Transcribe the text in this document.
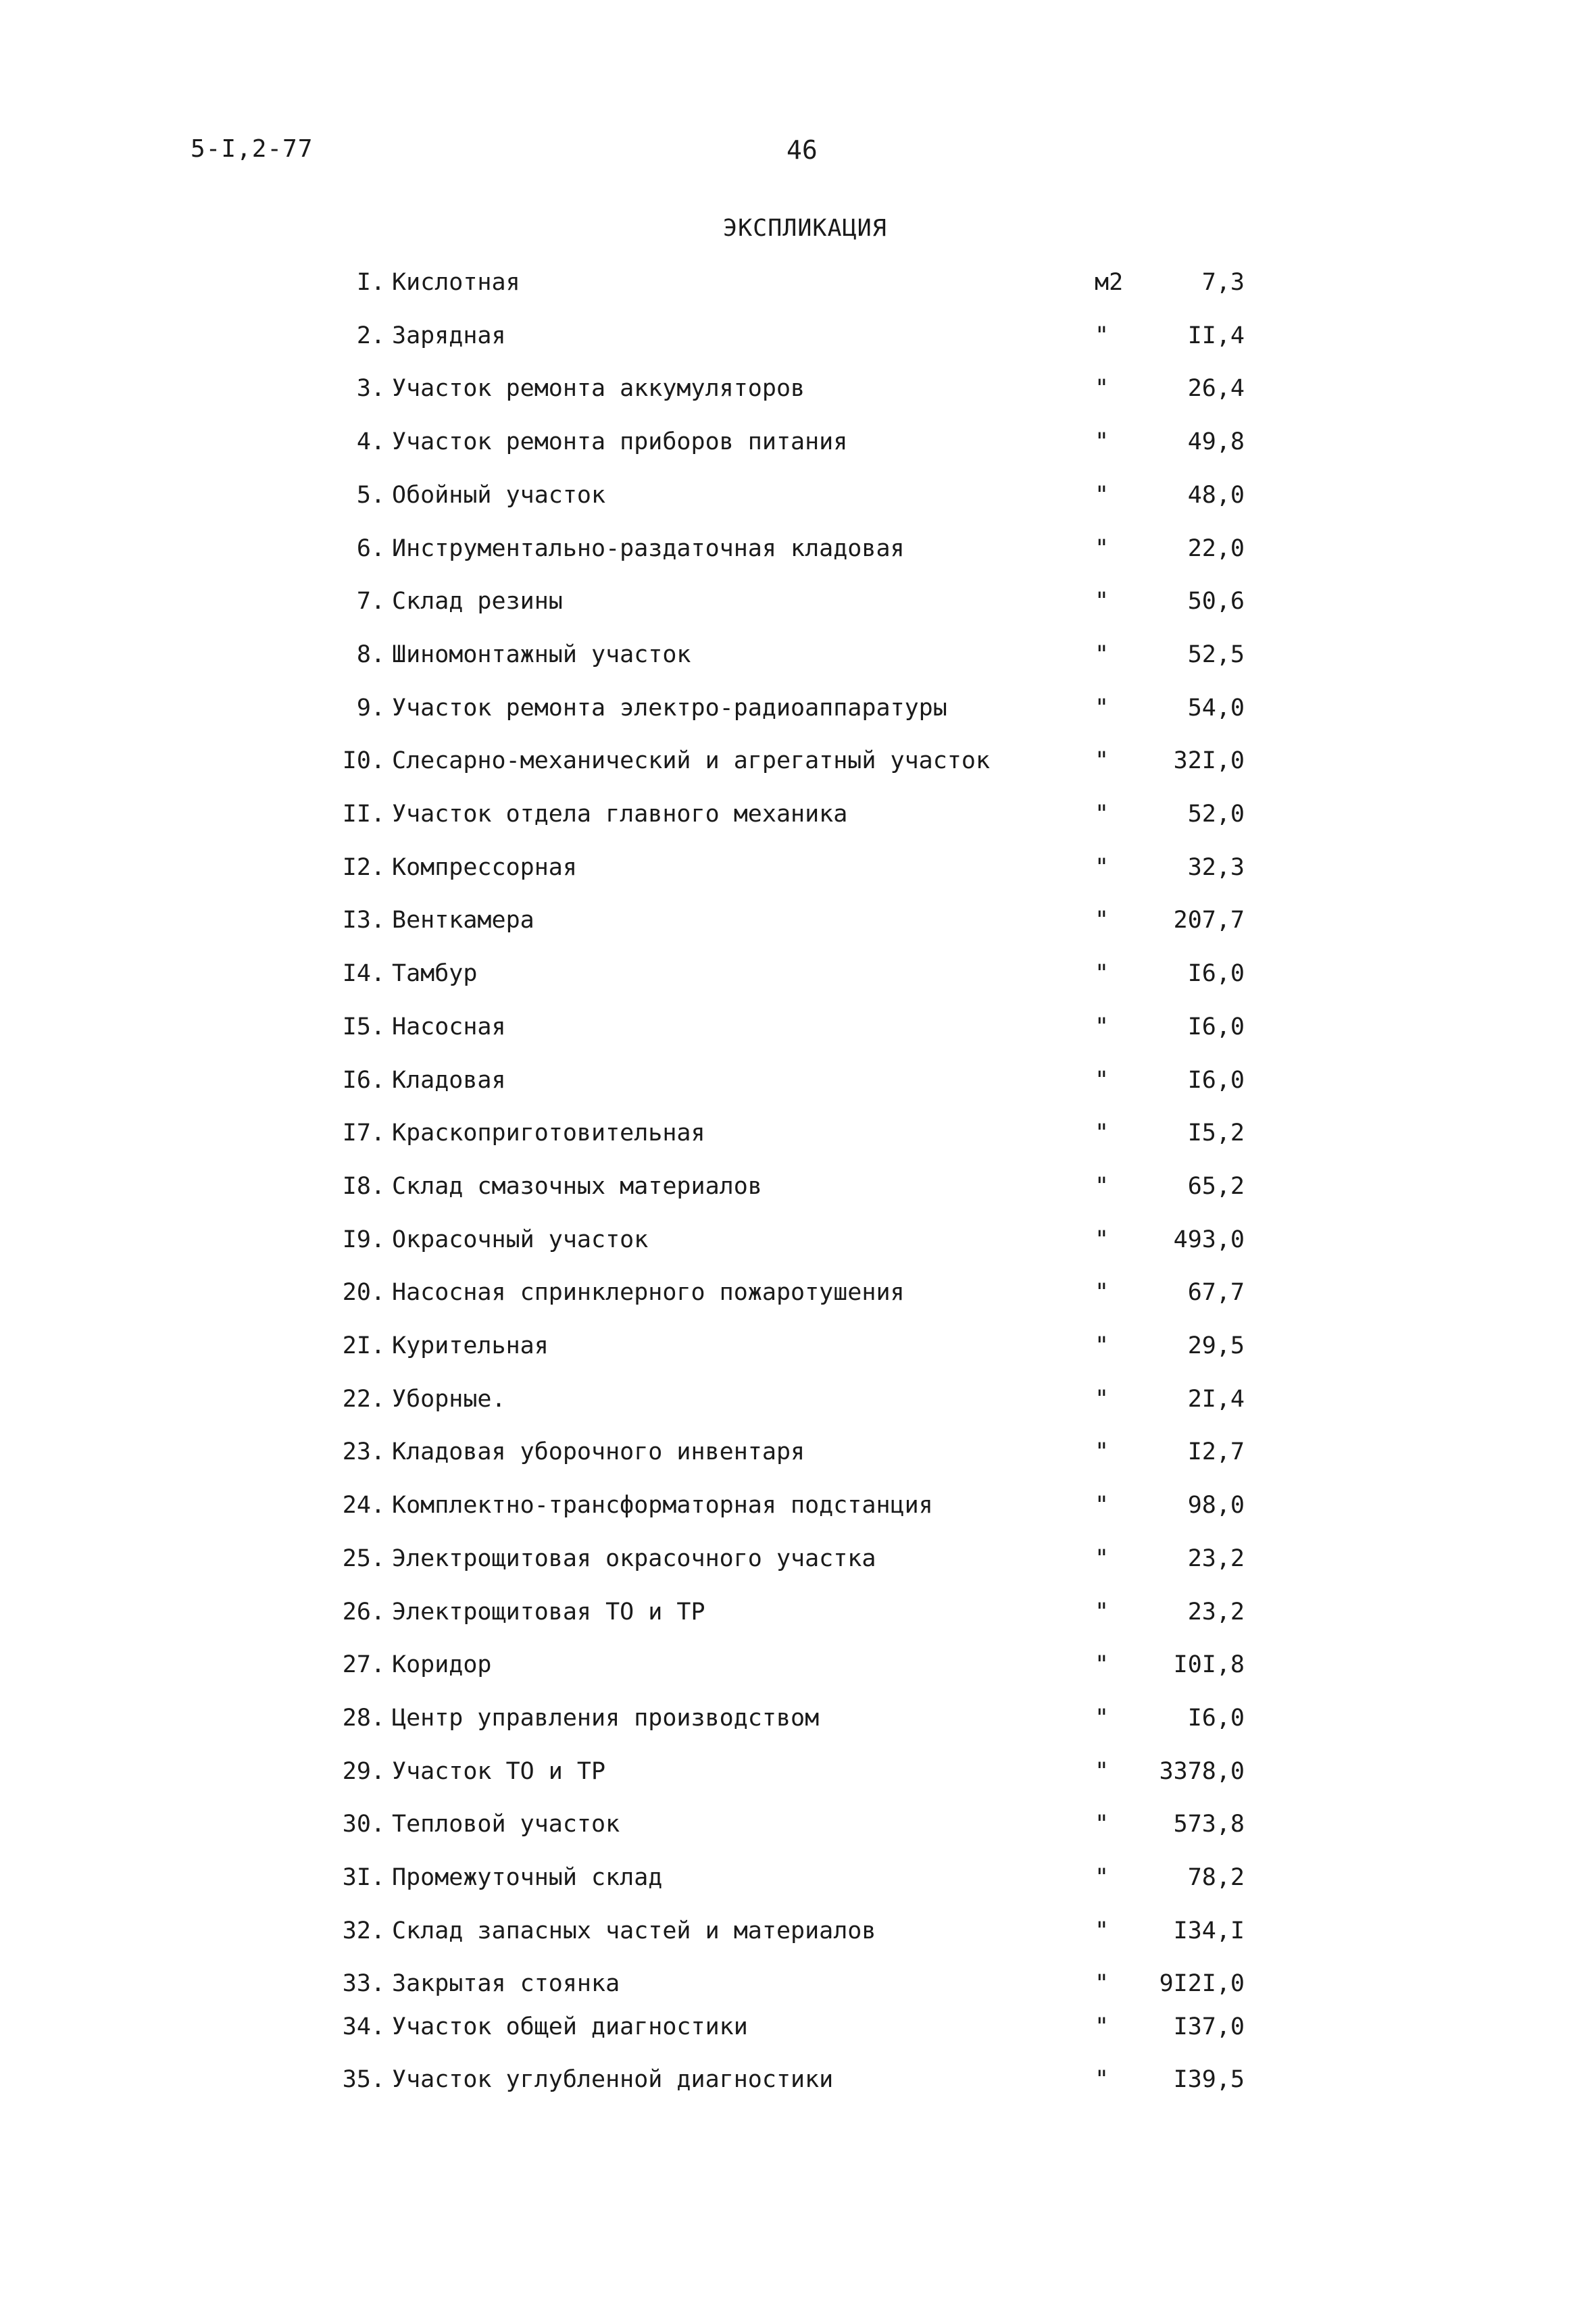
5-I,2-77	46
ЭКСПЛИКАЦИЯ
I. Кислотная	м2	7,3
2. Зарядная	"	II,4
3. Участок ремонта аккумуляторов	"	26,4
4. Участок ремонта приборов питания	"	49,8
5. Обойный участок	"	48,0
6. Инструментально-раздаточная кладовая	"	22,0
7. Склад резины	"	50,6
8. Шиномонтажный участок	"	52,5
9. Участок ремонта электро-радиоаппаратуры	"	54,0
I0. Слесарно-механический и агрегатный участок	"	32I,0
II. Участок отдела главного механика	"	52,0
I2. Компрессорная	"	32,3
I3. Венткамера	"	207,7
I4. Тамбур	"	I6,0
I5. Насосная	"	I6,0
I6. Кладовая	"	I6,0
I7. Краскоприготовительная	"	I5,2
I8. Склад смазочных материалов	"	65,2
I9. Окрасочный участок	"	493,0
20. Насосная спринклерного пожаротушения	"	67,7
2I. Курительная	"	29,5
22. Уборные.	"	2I,4
23. Кладовая уборочного инвентаря	"	I2,7
24. Комплектно-трансформаторная подстанция	"	98,0
25. Электрощитовая окрасочного участка	"	23,2
26. Электрощитовая ТО и ТР	"	23,2
27. Коридор	"	I0I,8
28. Центр управления производством	"	I6,0
29. Участок ТО и ТР	" 3378,0
30. Тепловой участок	"	573,8
3I. Промежуточный склад	"	78,2
32. Склад запасных частей и материалов	"	I34,I
33. Закрытая стоянка	" 9I2I,0
34. Участок общей диагностики	"	I37,0
35. Участок углубленной диагностики	"	I39,5
